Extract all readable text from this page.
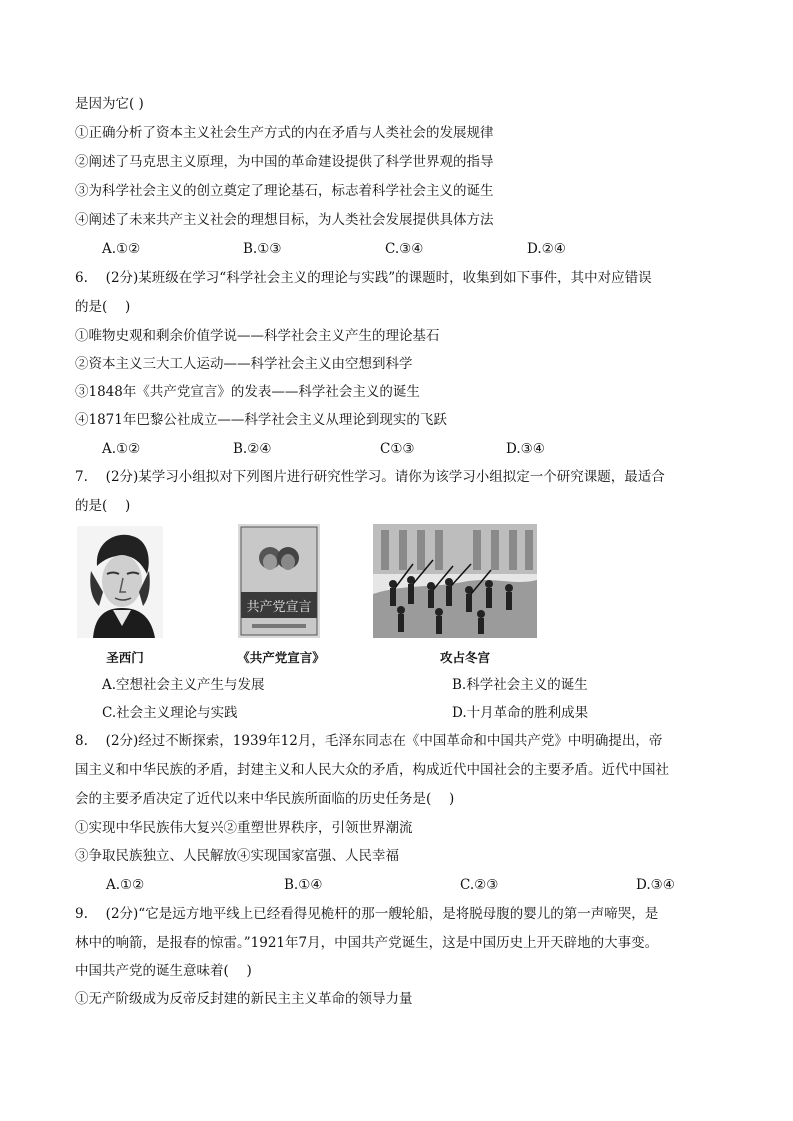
是因为它( )
①正确分析了资本主义社会生产方式的内在矛盾与人类社会的发展规律
②阐述了马克思主义原理，为中国的革命建设提供了科学世界观的指导
③为科学社会主义的创立奠定了理论基石，标志着科学社会主义的诞生
④阐述了未来共产主义社会的理想目标，为人类社会发展提供具体方法
A.①②	B.①③	C.③④	D.②④
6.　 (2分)某班级在学习“科学社会主义的理论与实践”的课题时，收集到如下事件，其中对应错误
的是(　 )
①唯物史观和剩余价值学说——科学社会主义产生的理论基石
②资本主义三大工人运动——科学社会主义由空想到科学
③1848年《共产党宣言》的发表——科学社会主义的诞生
④1871年巴黎公社成立——科学社会主义从理论到现实的飞跃
A.①②	B.②④	C①③	D.③④
7.　 (2分)某学习小组拟对下列图片进行研究性学习。请你为该学习小组拟定一个研究课题，最适合
的是(　 )
共产党宣言
圣西门	《共产党宣言》	攻占冬宫
A.空想社会主义产生与发展	B.科学社会主义的诞生
C.社会主义理论与实践	D.十月革命的胜利成果
8.　 (2分)经过不断探索，1939年12月，毛泽东同志在《中国革命和中国共产党》中明确提出，帝
国主义和中华民族的矛盾，封建主义和人民大众的矛盾，构成近代中国社会的主要矛盾。近代中国社
会的主要矛盾决定了近代以来中华民族所面临的历史任务是(　 )
①实现中华民族伟大复兴②重塑世界秩序，引领世界潮流
③争取民族独立、人民解放④实现国家富强、人民幸福
A.①②	B.①④	C.②③	D.③④
9.　 (2分)“它是远方地平线上已经看得见桅杆的那一艘轮船，是将脱母腹的婴儿的第一声啼哭，是
林中的响箭，是报春的惊雷。”1921年7月，中国共产党诞生，这是中国历史上开天辟地的大事变。
中国共产党的诞生意味着(　 )
①无产阶级成为反帝反封建的新民主主义革命的领导力量
